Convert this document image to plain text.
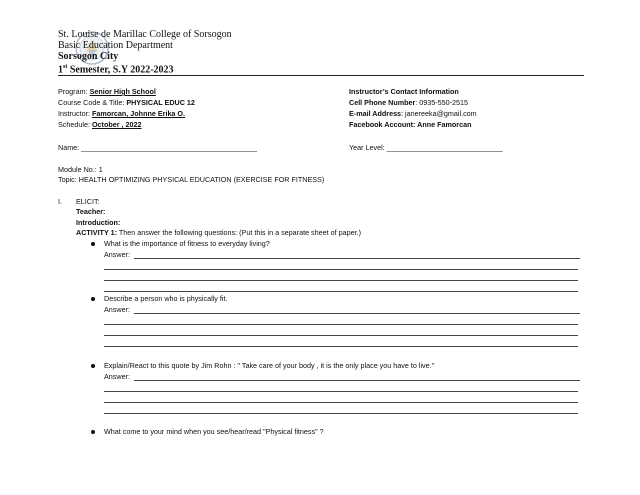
St. Louise de Marillac College of Sorsogon
Basic Education Department
Sorsogon City
1st Semester, S.Y 2022-2023
Program: Senior High School
Course Code & Title: PHYSICAL EDUC 12
Instructor: Famorcan, Johnne Erika O.
Schedule: October , 2022
Instructor’s Contact Information
Cell Phone Number: 0935-550-2515
E-mail Address: janereeka@gmail.com
Facebook Account: Anne Famorcan
Name: ____________________________________________	Year Level: _____________________________
Module No.: 1
Topic: HEALTH OPTIMIZING PHYSICAL EDUCATION (EXERCISE FOR FITNESS)
I. ELICIT:
Teacher:
Introduction:
ACTIVITY 1: Then answer the following questions: (Put this in a separate sheet of paper.)
What is the importance of fitness to everyday living?
Answer:
Describe a person who is physically fit.
Answer:
Explain/React to this quote by Jim Rohn : " Take care of your body , it is the only place you have to live."
Answer:
What come to your mind when you see/hear/read "Physical fitness" ?
